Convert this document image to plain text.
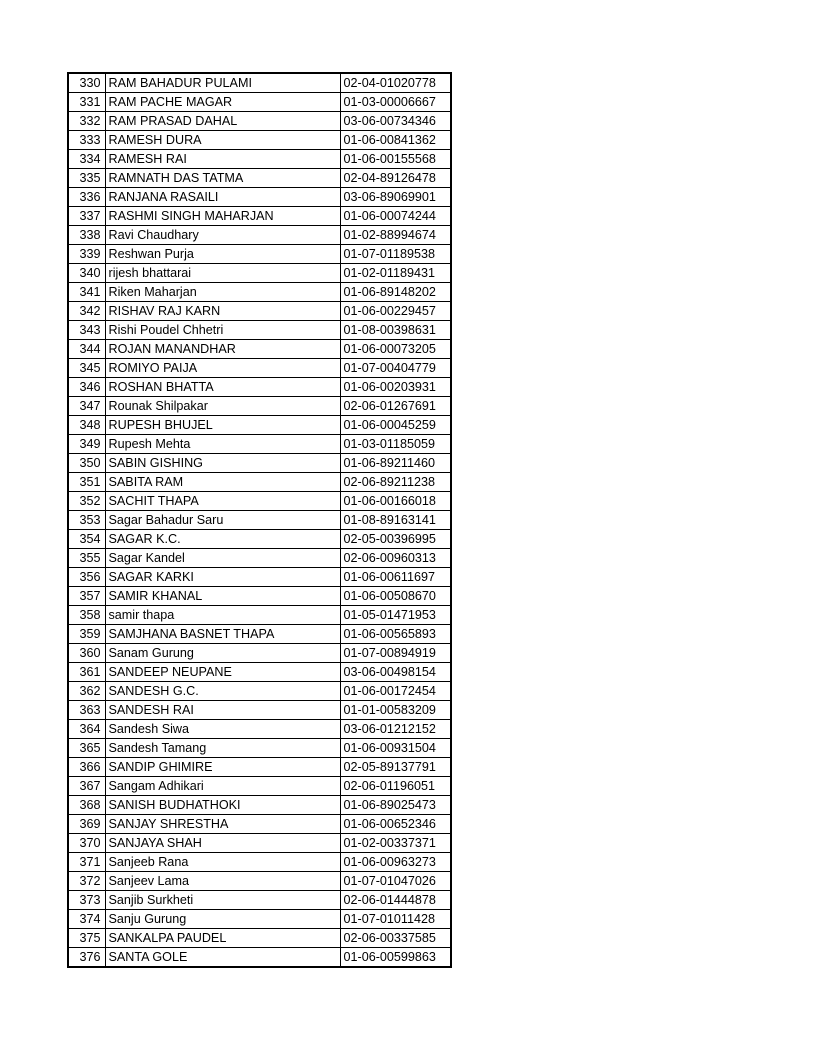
330	RAM BAHADUR PULAMI	02-04-01020778
331	RAM PACHE MAGAR	01-03-00006667
332	RAM PRASAD DAHAL	03-06-00734346
333	RAMESH DURA	01-06-00841362
334	RAMESH RAI	01-06-00155568
335	RAMNATH DAS TATMA	02-04-89126478
336	RANJANA RASAILI	03-06-89069901
337	RASHMI SINGH MAHARJAN	01-06-00074244
338	Ravi Chaudhary	01-02-88994674
339	Reshwan Purja	01-07-01189538
340	rijesh bhattarai	01-02-01189431
341	Riken Maharjan	01-06-89148202
342	RISHAV RAJ KARN	01-06-00229457
343	Rishi Poudel Chhetri	01-08-00398631
344	ROJAN MANANDHAR	01-06-00073205
345	ROMIYO PAIJA	01-07-00404779
346	ROSHAN BHATTA	01-06-00203931
347	Rounak Shilpakar	02-06-01267691
348	RUPESH BHUJEL	01-06-00045259
349	Rupesh Mehta	01-03-01185059
350	SABIN GISHING	01-06-89211460
351	SABITA RAM	02-06-89211238
352	SACHIT THAPA	01-06-00166018
353	Sagar Bahadur Saru	01-08-89163141
354	SAGAR K.C.	02-05-00396995
355	Sagar Kandel	02-06-00960313
356	SAGAR KARKI	01-06-00611697
357	SAMIR KHANAL	01-06-00508670
358	samir thapa	01-05-01471953
359	SAMJHANA BASNET THAPA	01-06-00565893
360	Sanam Gurung	01-07-00894919
361	SANDEEP NEUPANE	03-06-00498154
362	SANDESH G.C.	01-06-00172454
363	SANDESH RAI	01-01-00583209
364	Sandesh Siwa	03-06-01212152
365	Sandesh Tamang	01-06-00931504
366	SANDIP GHIMIRE	02-05-89137791
367	Sangam Adhikari	02-06-01196051
368	SANISH BUDHATHOKI	01-06-89025473
369	SANJAY SHRESTHA	01-06-00652346
370	SANJAYA SHAH	01-02-00337371
371	Sanjeeb Rana	01-06-00963273
372	Sanjeev Lama	01-07-01047026
373	Sanjib Surkheti	02-06-01444878
374	Sanju Gurung	01-07-01011428
375	SANKALPA PAUDEL	02-06-00337585
376	SANTA GOLE	01-06-00599863
